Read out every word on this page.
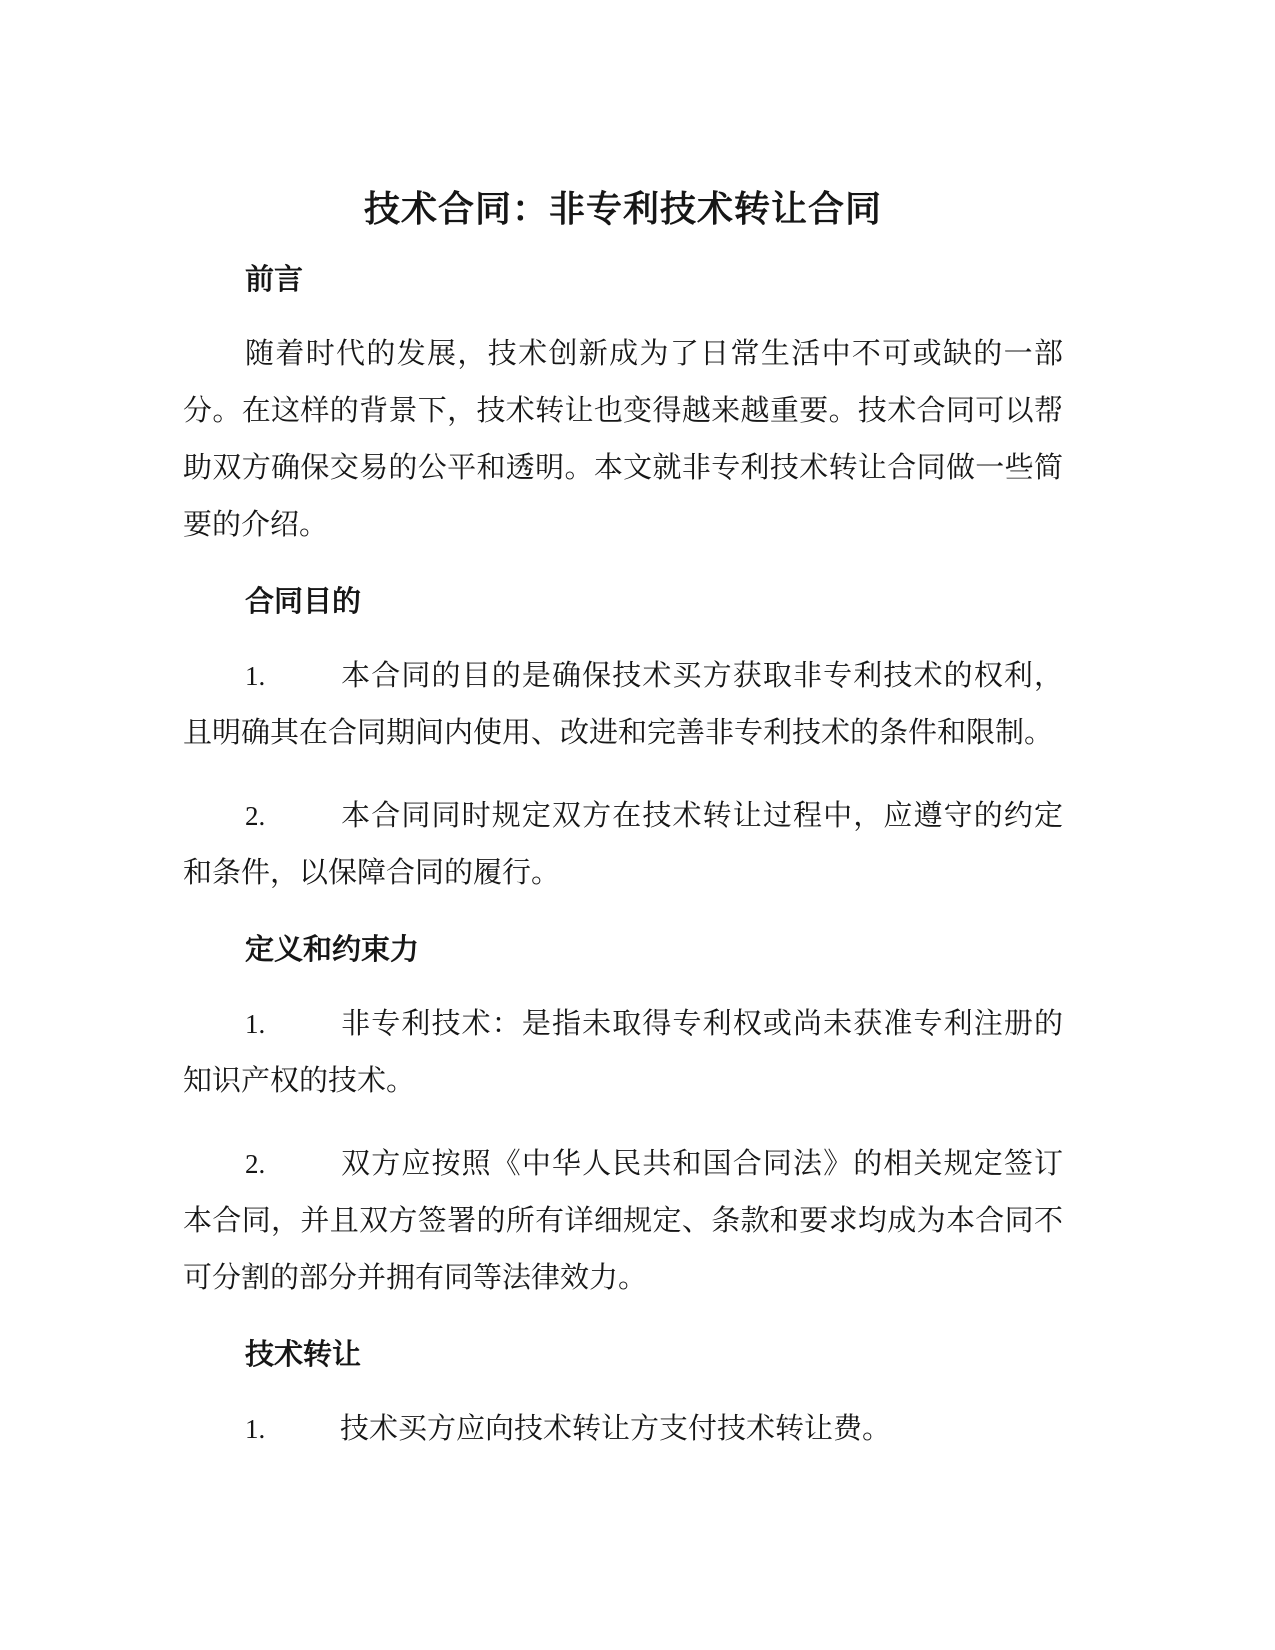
技术合同：非专利技术转让合同
前言

随着时代的发展，技术创新成为了日常生活中不可或缺的一部分。在这样的背景下，技术转让也变得越来越重要。技术合同可以帮助双方确保交易的公平和透明。本文就非专利技术转让合同做一些简要的介绍。

合同目的

1.	本合同的目的是确保技术买方获取非专利技术的权利，且明确其在合同期间内使用、改进和完善非专利技术的条件和限制。

2.	本合同同时规定双方在技术转让过程中，应遵守的约定和条件，以保障合同的履行。

定义和约束力

1.	非专利技术：是指未取得专利权或尚未获准专利注册的知识产权的技术。

2.	双方应按照《中华人民共和国合同法》的相关规定签订本合同，并且双方签署的所有详细规定、条款和要求均成为本合同不可分割的部分并拥有同等法律效力。

技术转让

1.	技术买方应向技术转让方支付技术转让费。
